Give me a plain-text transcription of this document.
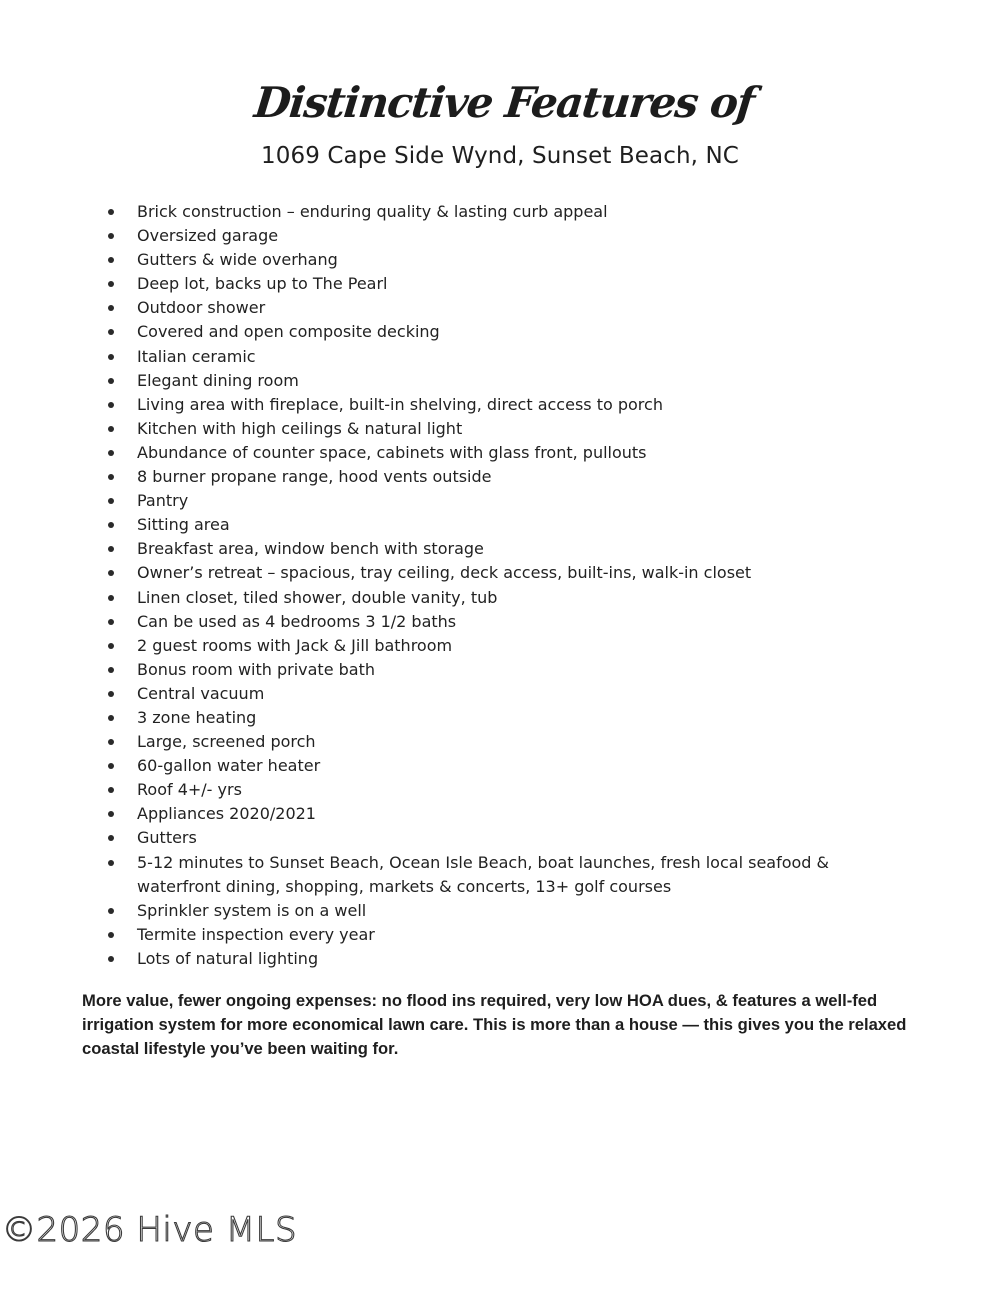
Distinctive Features of
1069 Cape Side Wynd, Sunset Beach, NC
Brick construction – enduring quality & lasting curb appeal
Oversized garage
Gutters & wide overhang
Deep lot, backs up to The Pearl
Outdoor shower
Covered and open composite decking
Italian ceramic
Elegant dining room
Living area with fireplace, built-in shelving, direct access to porch
Kitchen with high ceilings & natural light
Abundance of counter space, cabinets with glass front, pullouts
8 burner propane range, hood vents outside
Pantry
Sitting area
Breakfast area, window bench with storage
Owner’s retreat – spacious, tray ceiling, deck access, built-ins, walk-in closet
Linen closet, tiled shower, double vanity, tub
Can be used as 4 bedrooms 3 1/2 baths
2 guest rooms with Jack & Jill bathroom
Bonus room with private bath
Central vacuum
3 zone heating
Large, screened porch
60-gallon water heater
Roof 4+/- yrs
Appliances 2020/2021
Gutters
5-12 minutes to Sunset Beach, Ocean Isle Beach, boat launches, fresh local seafood & waterfront dining, shopping, markets & concerts, 13+ golf courses
Sprinkler system is on a well
Termite inspection every year
Lots of natural lighting

More value, fewer ongoing expenses: no flood ins required, very low HOA dues, & features a well-fed irrigation system for more economical lawn care. This is more than a house — this gives you the relaxed coastal lifestyle you’ve been waiting for.

©2026 Hive MLS
